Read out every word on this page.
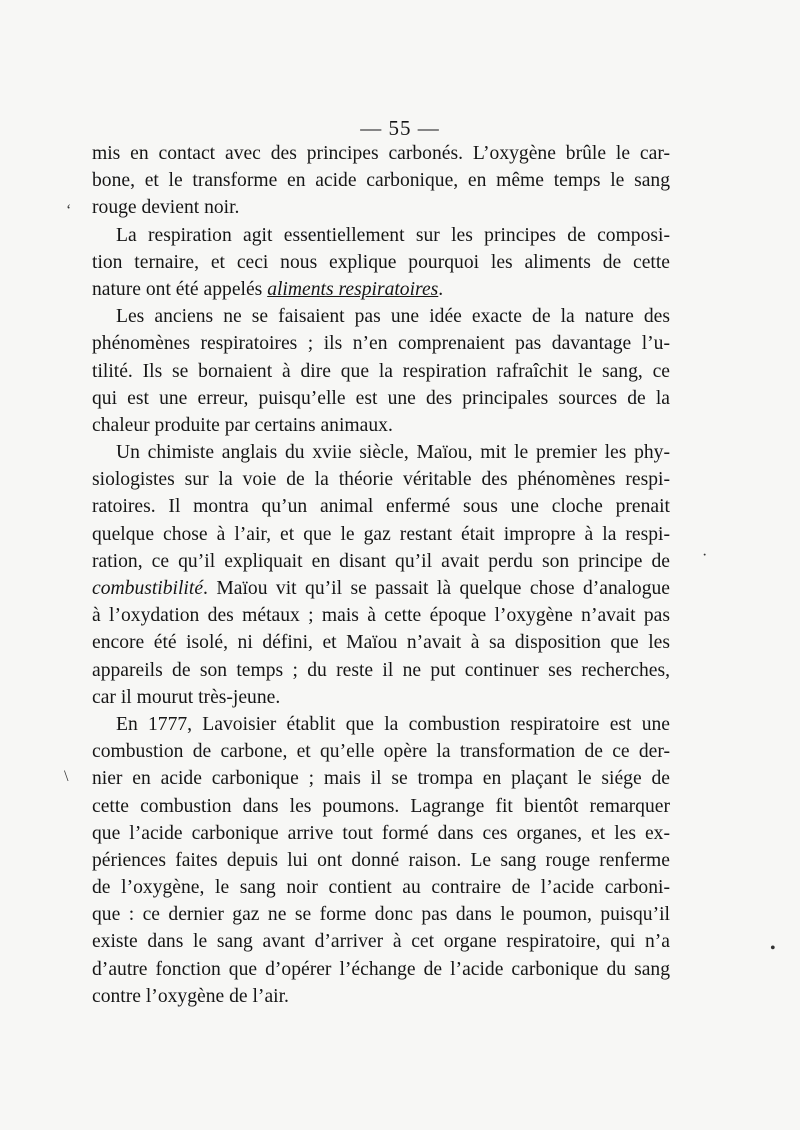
— 55 —
mis en contact avec des principes carbonés. L’oxygène brûle le car-
bone, et le transforme en acide carbonique, en même temps le sang
rouge devient noir.
La respiration agit essentiellement sur les principes de composi-
tion ternaire, et ceci nous explique pourquoi les aliments de cette
nature ont été appelés aliments respiratoires.
Les anciens ne se faisaient pas une idée exacte de la nature des
phénomènes respiratoires ; ils n’en comprenaient pas davantage l’u-
tilité. Ils se bornaient à dire que la respiration rafraîchit le sang, ce
qui est une erreur, puisqu’elle est une des principales sources de la
chaleur produite par certains animaux.
Un chimiste anglais du xviie siècle, Maïou, mit le premier les phy-
siologistes sur la voie de la théorie véritable des phénomènes respi-
ratoires. Il montra qu’un animal enfermé sous une cloche prenait
quelque chose à l’air, et que le gaz restant était impropre à la respi-
ration, ce qu’il expliquait en disant qu’il avait perdu son principe de
combustibilité. Maïou vit qu’il se passait là quelque chose d’analogue
à l’oxydation des métaux ; mais à cette époque l’oxygène n’avait pas
encore été isolé, ni défini, et Maïou n’avait à sa disposition que les
appareils de son temps ; du reste il ne put continuer ses recherches,
car il mourut très-jeune.
En 1777, Lavoisier établit que la combustion respiratoire est une
combustion de carbone, et qu’elle opère la transformation de ce der-
nier en acide carbonique ; mais il se trompa en plaçant le siége de
cette combustion dans les poumons. Lagrange fit bientôt remarquer
que l’acide carbonique arrive tout formé dans ces organes, et les ex-
périences faites depuis lui ont donné raison. Le sang rouge renferme
de l’oxygène, le sang noir contient au contraire de l’acide carboni-
que : ce dernier gaz ne se forme donc pas dans le poumon, puisqu’il
existe dans le sang avant d’arriver à cet organe respiratoire, qui n’a
d’autre fonction que d’opérer l’échange de l’acide carbonique du sang
contre l’oxygène de l’air.
‘
\
•
·
